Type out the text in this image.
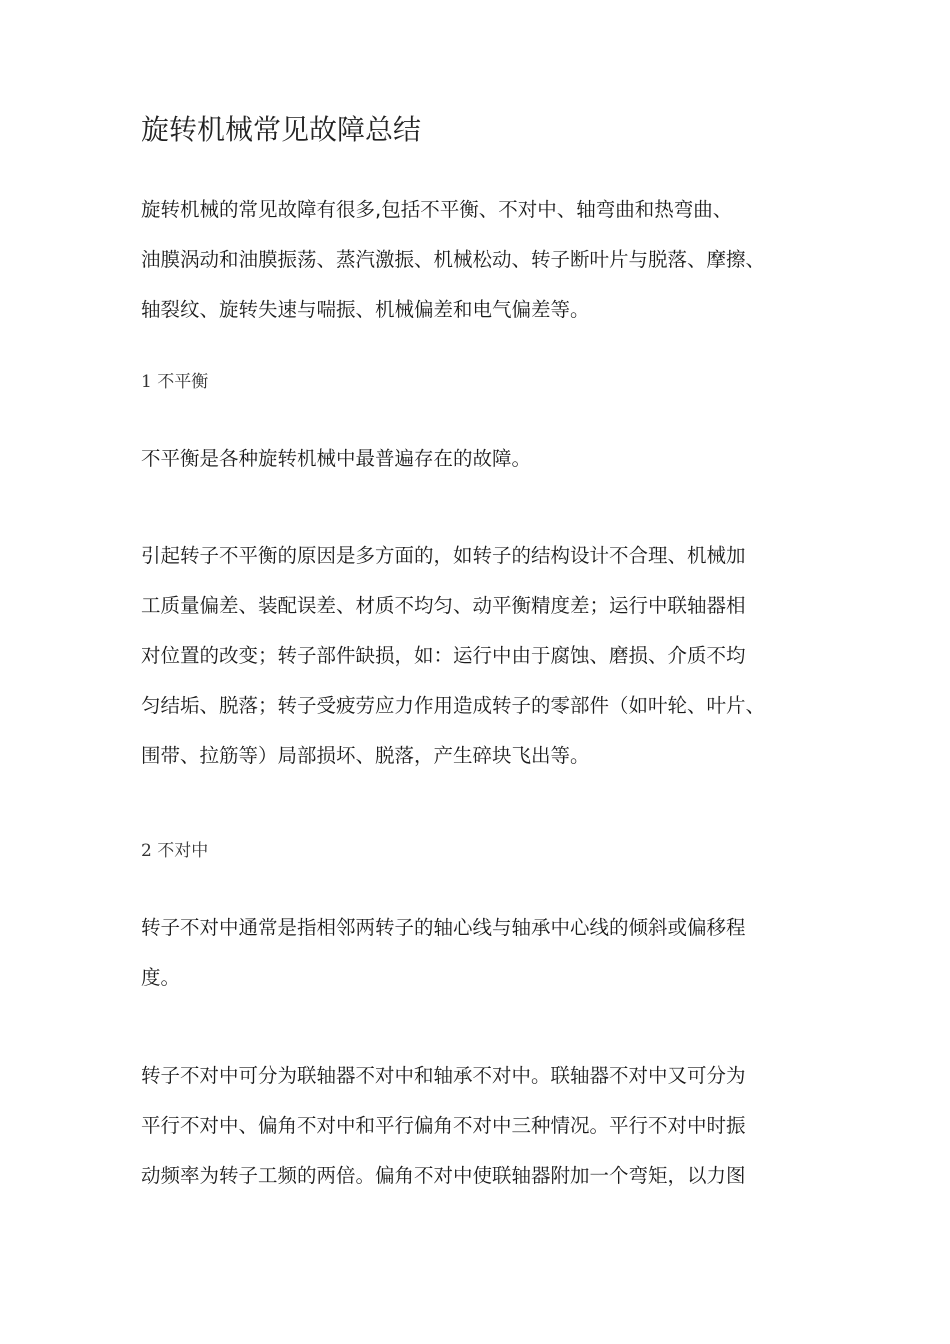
旋转机械常见故障总结
旋转机械的常见故障有很多,包括不平衡、不对中、轴弯曲和热弯曲、
油膜涡动和油膜振荡、蒸汽激振、机械松动、转子断叶片与脱落、摩擦、
轴裂纹、旋转失速与喘振、机械偏差和电气偏差等。
1 不平衡
不平衡是各种旋转机械中最普遍存在的故障。
引起转子不平衡的原因是多方面的，如转子的结构设计不合理、机械加
工质量偏差、装配误差、材质不均匀、动平衡精度差；运行中联轴器相
对位置的改变；转子部件缺损，如：运行中由于腐蚀、磨损、介质不均
匀结垢、脱落；转子受疲劳应力作用造成转子的零部件（如叶轮、叶片、
围带、拉筋等）局部损坏、脱落，产生碎块飞出等。
2 不对中
转子不对中通常是指相邻两转子的轴心线与轴承中心线的倾斜或偏移程
度。
转子不对中可分为联轴器不对中和轴承不对中。联轴器不对中又可分为
平行不对中、偏角不对中和平行偏角不对中三种情况。平行不对中时振
动频率为转子工频的两倍。偏角不对中使联轴器附加一个弯矩，以力图
